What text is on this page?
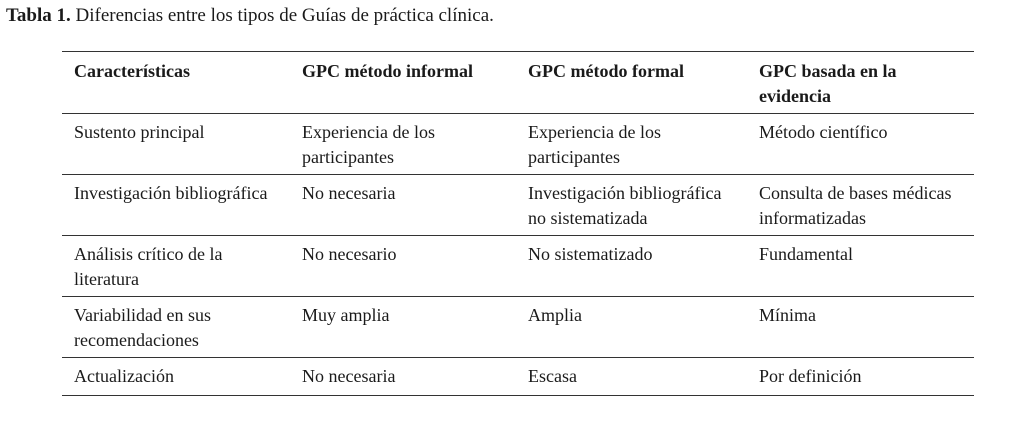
Tabla 1. Diferencias entre los tipos de Guías de práctica clínica.
Características	GPC método informal	GPC método formal	GPC basada en la evidencia
Sustento principal	Experiencia de los participantes	Experiencia de los participantes	Método científico
Investigación bibliográfica	No necesaria	Investigación bibliográfica no sistematizada	Consulta de bases médicas informatizadas
Análisis crítico de la literatura	No necesario	No sistematizado	Fundamental
Variabilidad en sus recomendaciones	Muy amplia	Amplia	Mínima
Actualización	No necesaria	Escasa	Por definición
